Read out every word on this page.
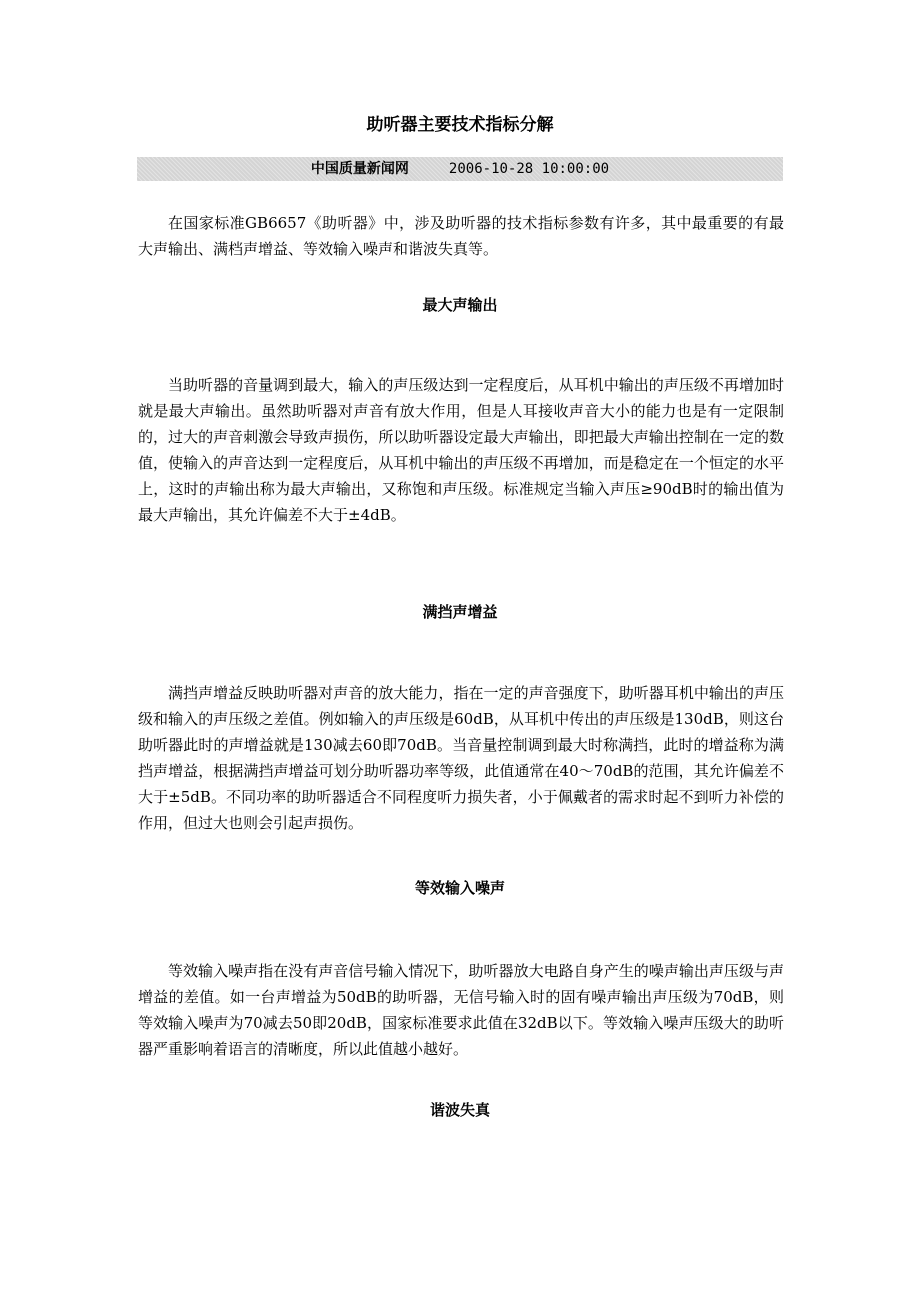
助听器主要技术指标分解
中国质量新闻网	2006-10-28 10:00:00

在国家标准GB6657《助听器》中，涉及助听器的技术指标参数有许多，其中最重要的有最大声输出、满档声增益、等效输入噪声和谐波失真等。

最大声输出

当助听器的音量调到最大，输入的声压级达到一定程度后，从耳机中输出的声压级不再增加时就是最大声输出。虽然助听器对声音有放大作用，但是人耳接收声音大小的能力也是有一定限制的，过大的声音刺激会导致声损伤，所以助听器设定最大声输出，即把最大声输出控制在一定的数值，使输入的声音达到一定程度后，从耳机中输出的声压级不再增加，而是稳定在一个恒定的水平上，这时的声输出称为最大声输出，又称饱和声压级。标准规定当输入声压≥90dB时的输出值为最大声输出，其允许偏差不大于±4dB。

满挡声增益

满挡声增益反映助听器对声音的放大能力，指在一定的声音强度下，助听器耳机中输出的声压级和输入的声压级之差值。例如输入的声压级是60dB，从耳机中传出的声压级是130dB，则这台助听器此时的声增益就是130减去60即70dB。当音量控制调到最大时称满挡，此时的增益称为满挡声增益，根据满挡声增益可划分助听器功率等级，此值通常在40～70dB的范围，其允许偏差不大于±5dB。不同功率的助听器适合不同程度听力损失者，小于佩戴者的需求时起不到听力补偿的作用，但过大也则会引起声损伤。

等效输入噪声

等效输入噪声指在没有声音信号输入情况下，助听器放大电路自身产生的噪声输出声压级与声增益的差值。如一台声增益为50dB的助听器，无信号输入时的固有噪声输出声压级为70dB，则等效输入噪声为70减去50即20dB，国家标准要求此值在32dB以下。等效输入噪声压级大的助听器严重影响着语言的清晰度，所以此值越小越好。

谐波失真
